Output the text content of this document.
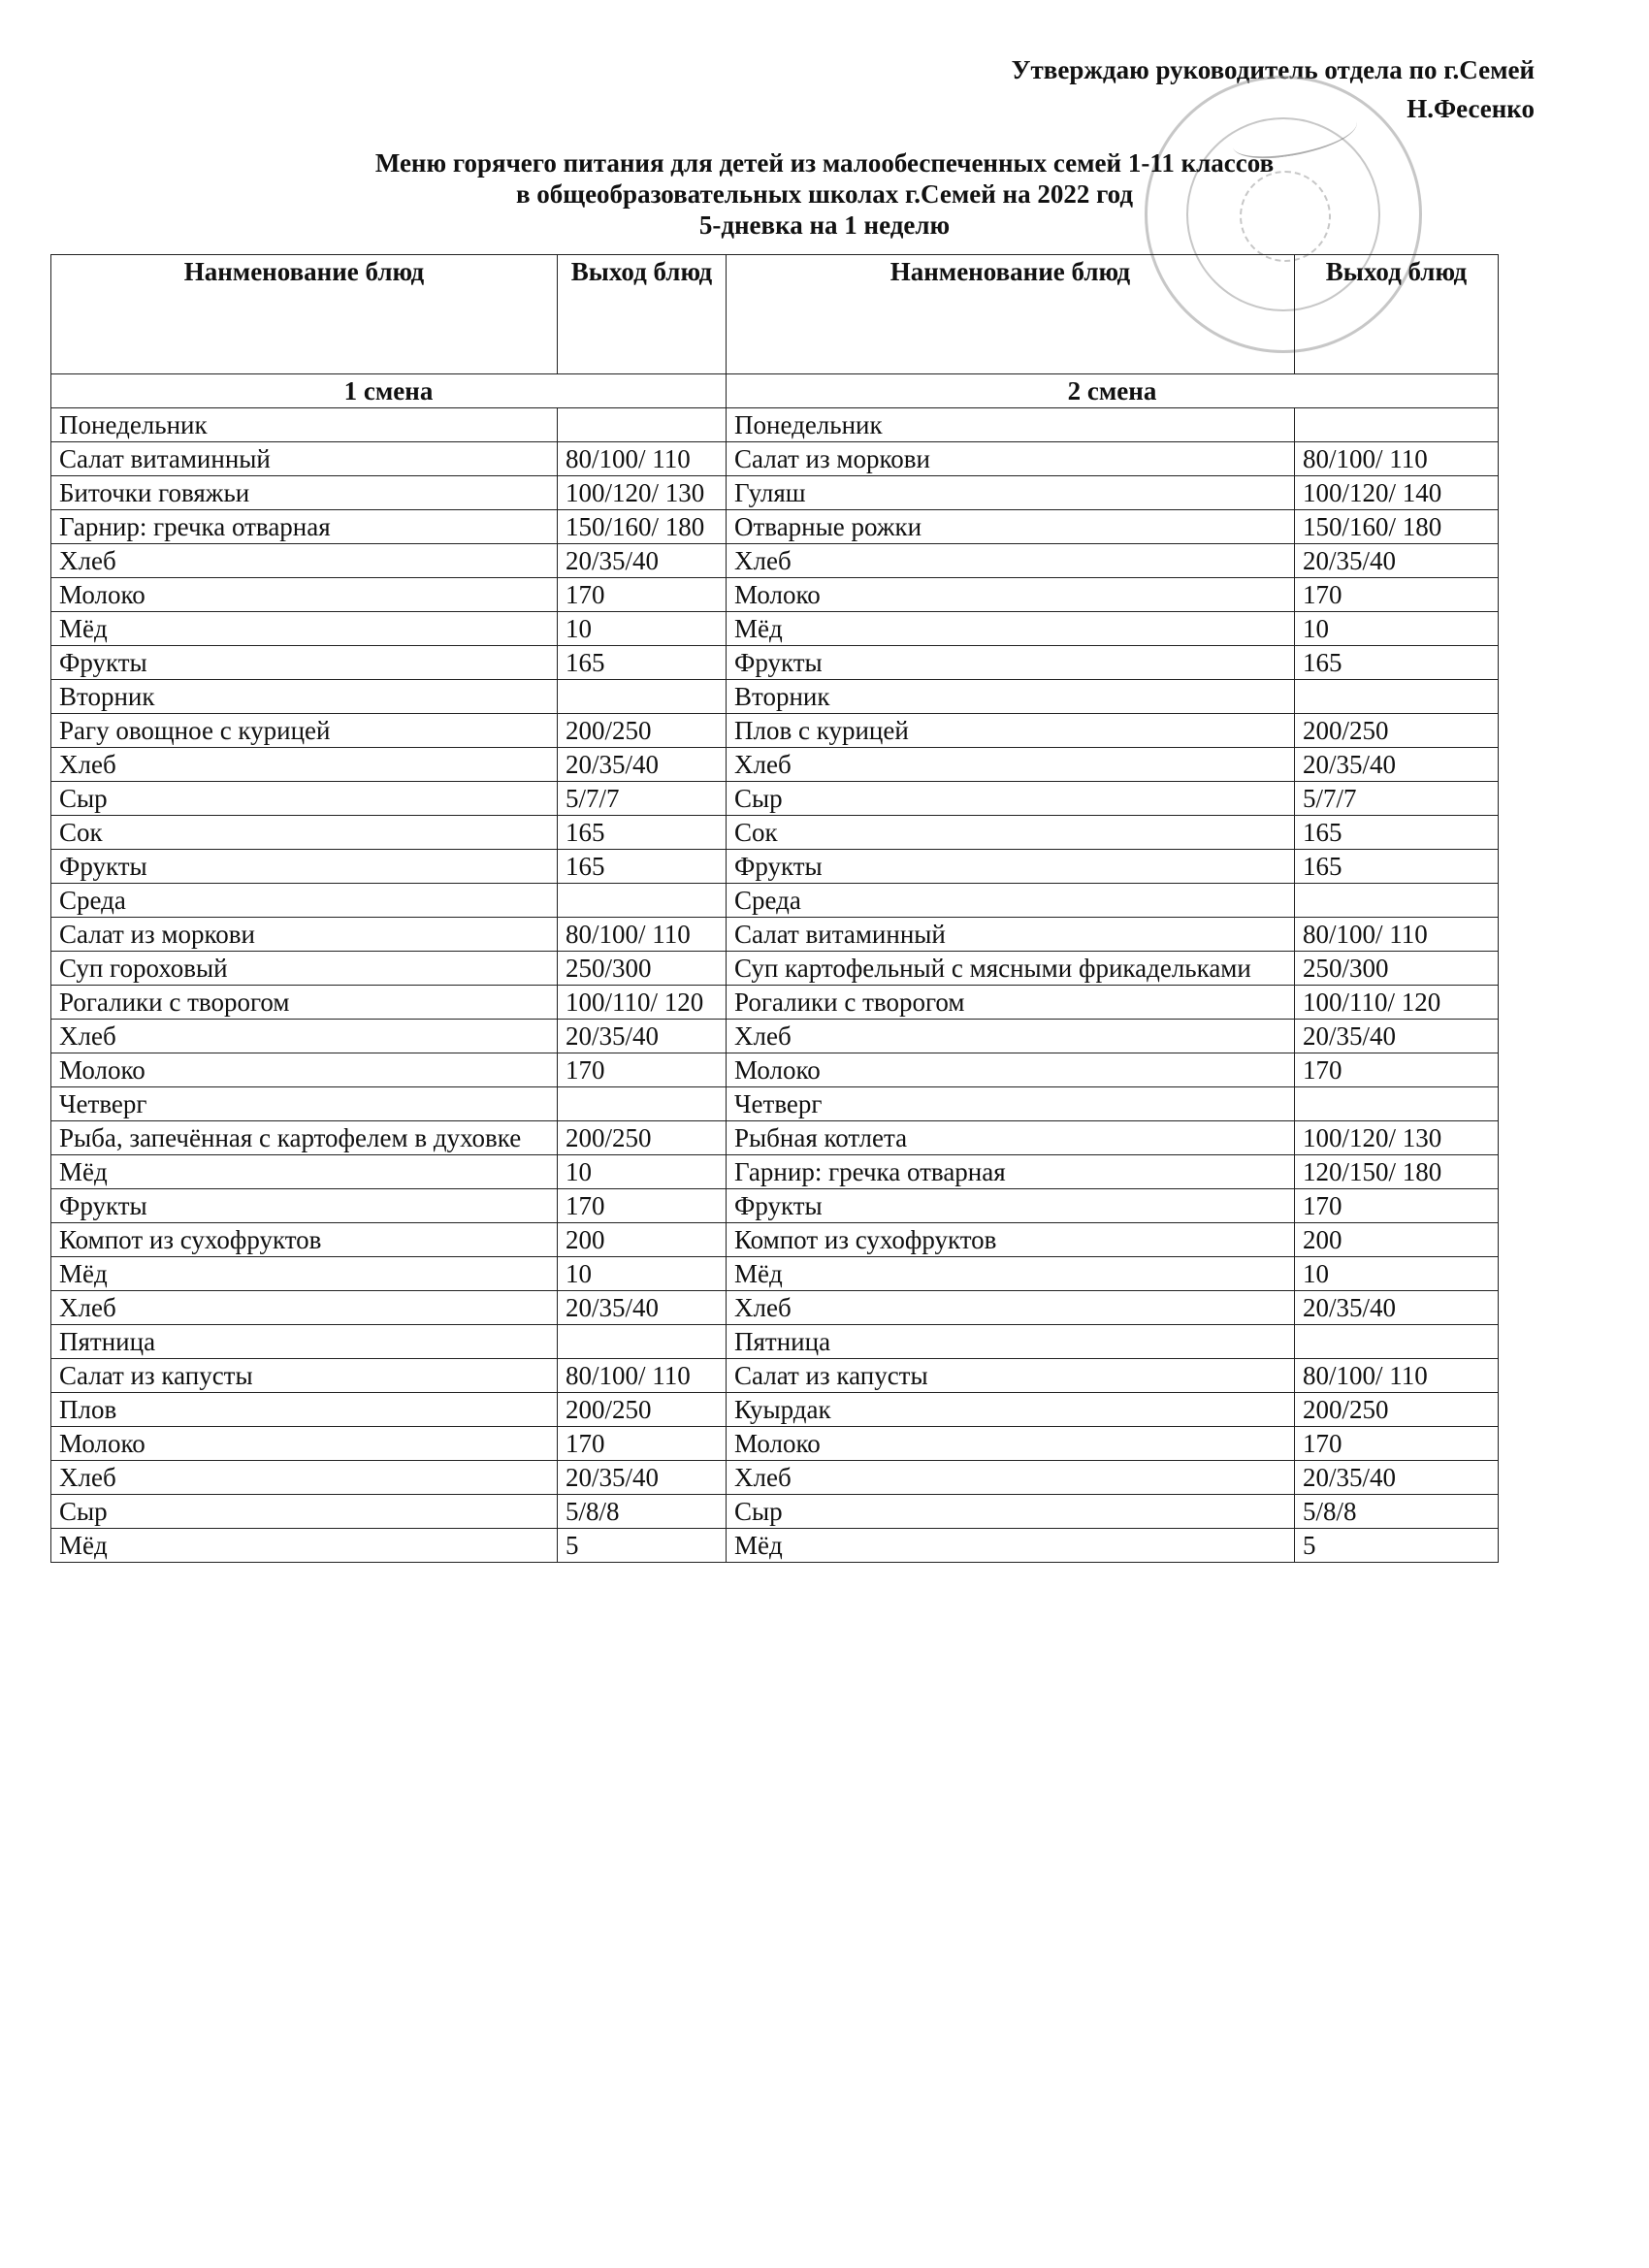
Утверждаю руководитель отдела по г.Семей
Н.Фесенко
Меню горячего питания для детей из малообеспеченных семей 1-11 классов
в общеобразовательных школах г.Семей на 2022 год
5-дневка на 1 неделю
Нанменование блюд	Выход блюд	Нанменование блюд	Выход блюд
1 смена		2 смена	
Понедельник		Понедельник	
Салат витаминный	80/100/ 110	Салат из моркови	80/100/ 110
Биточки говяжьи	100/120/ 130	Гуляш	100/120/ 140
Гарнир: гречка отварная	150/160/ 180	Отварные рожки	150/160/ 180
Хлеб	20/35/40	Хлеб	20/35/40
Молоко	170	Молоко	170
Мёд	10	Мёд	10
Фрукты	165	Фрукты	165
Вторник		Вторник	
Рагу овощное с курицей	200/250	Плов с курицей	200/250
Хлеб	20/35/40	Хлеб	20/35/40
Сыр	5/7/7	Сыр	5/7/7
Сок	165	Сок	165
Фрукты	165	Фрукты	165
Среда		Среда	
Салат из моркови	80/100/ 110	Салат витаминный	80/100/ 110
Суп гороховый	250/300	Суп картофельный с мясными фрикадельками	250/300
Рогалики с творогом	100/110/ 120	Рогалики с творогом	100/110/ 120
Хлеб	20/35/40	Хлеб	20/35/40
Молоко	170	Молоко	170
Четверг		Четверг	
Рыба, запечённая с картофелем в духовке	200/250	Рыбная котлета	100/120/ 130
Мёд	10	Гарнир: гречка отварная	120/150/ 180
Фрукты	170	Фрукты	170
Компот из сухофруктов	200	Компот из сухофруктов	200
Мёд	10	Мёд	10
Хлеб	20/35/40	Хлеб	20/35/40
Пятница		Пятница	
Салат из капусты	80/100/ 110	Салат из капусты	80/100/ 110
Плов	200/250	Куырдак	200/250
Молоко	170	Молоко	170
Хлеб	20/35/40	Хлеб	20/35/40
Сыр	5/8/8	Сыр	5/8/8
Мёд	5	Мёд	5
